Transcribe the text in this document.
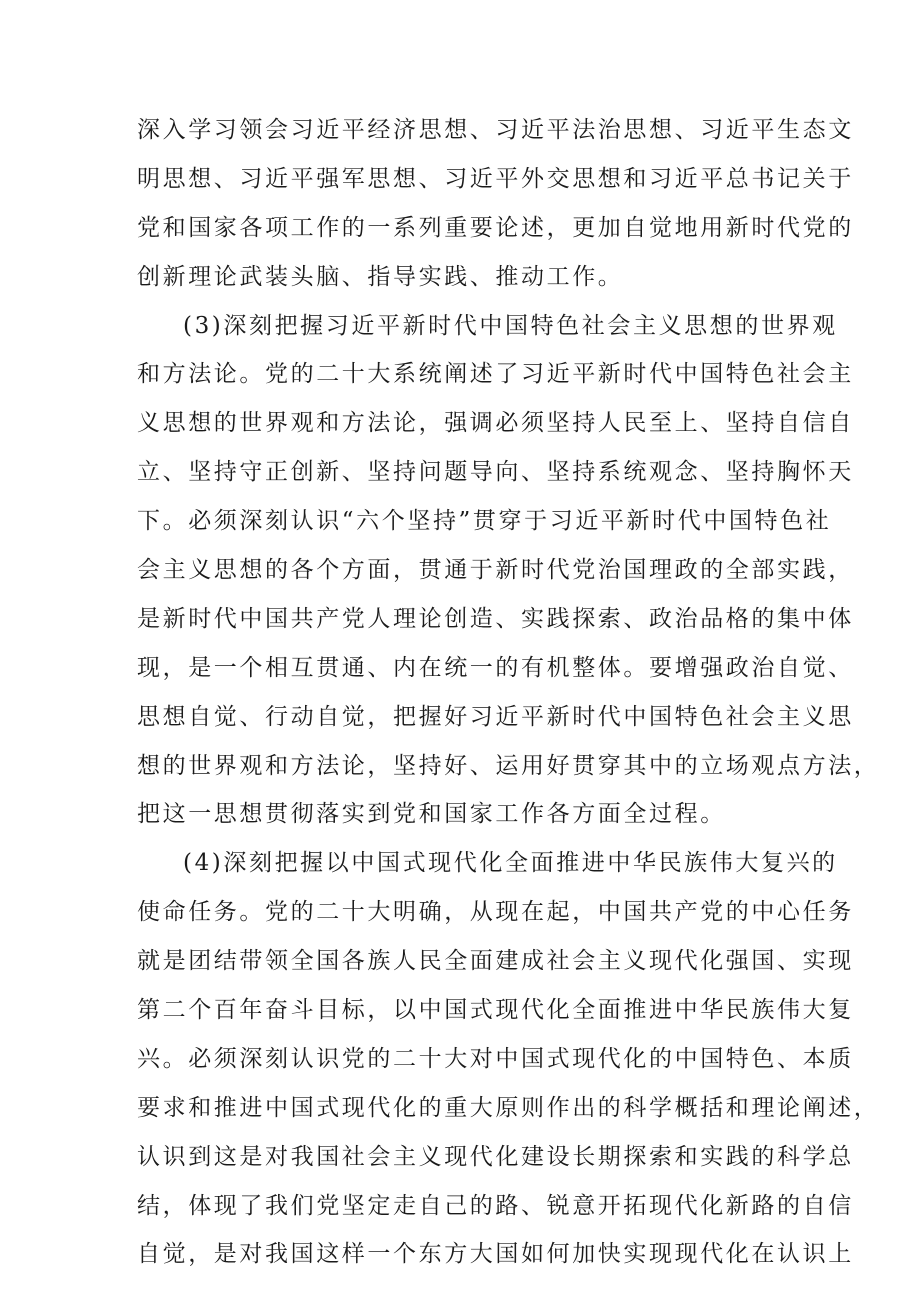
深入学习领会习近平经济思想、习近平法治思想、习近平生态文
明思想、习近平强军思想、习近平外交思想和习近平总书记关于
党和国家各项工作的一系列重要论述，更加自觉地用新时代党的
创新理论武装头脑、指导实践、推动工作。
(3)深刻把握习近平新时代中国特色社会主义思想的世界观
和方法论。党的二十大系统阐述了习近平新时代中国特色社会主
义思想的世界观和方法论，强调必须坚持人民至上、坚持自信自
立、坚持守正创新、坚持问题导向、坚持系统观念、坚持胸怀天
下。必须深刻认识“六个坚持”贯穿于习近平新时代中国特色社
会主义思想的各个方面，贯通于新时代党治国理政的全部实践，
是新时代中国共产党人理论创造、实践探索、政治品格的集中体
现，是一个相互贯通、内在统一的有机整体。要增强政治自觉、
思想自觉、行动自觉，把握好习近平新时代中国特色社会主义思
想的世界观和方法论，坚持好、运用好贯穿其中的立场观点方法，
把这一思想贯彻落实到党和国家工作各方面全过程。
(4)深刻把握以中国式现代化全面推进中华民族伟大复兴的
使命任务。党的二十大明确，从现在起，中国共产党的中心任务
就是团结带领全国各族人民全面建成社会主义现代化强国、实现
第二个百年奋斗目标，以中国式现代化全面推进中华民族伟大复
兴。必须深刻认识党的二十大对中国式现代化的中国特色、本质
要求和推进中国式现代化的重大原则作出的科学概括和理论阐述，
认识到这是对我国社会主义现代化建设长期探索和实践的科学总
结，体现了我们党坚定走自己的路、锐意开拓现代化新路的自信
自觉，是对我国这样一个东方大国如何加快实现现代化在认识上
